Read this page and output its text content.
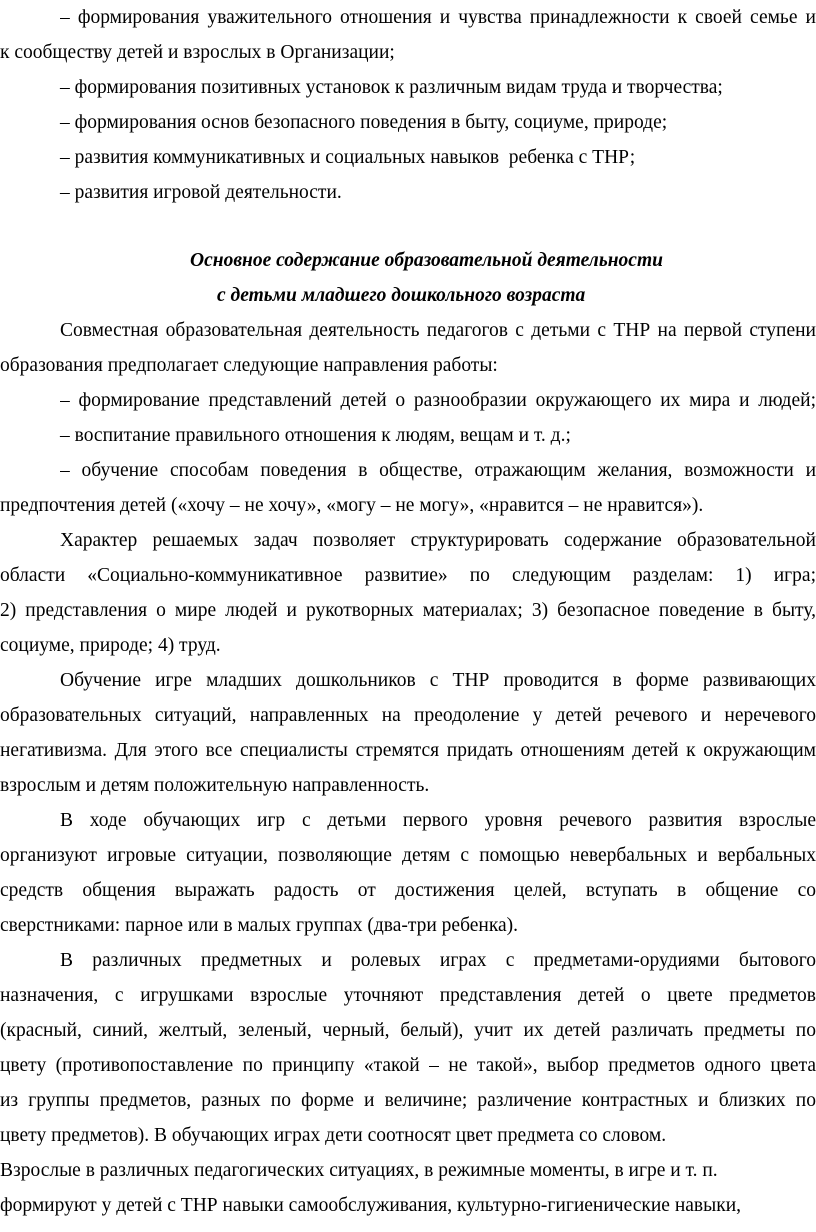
– формирования уважительного отношения и чувства принадлежности к своей семье и
к сообществу детей и взрослых в Организации;
– формирования позитивных установок к различным видам труда и творчества;
– формирования основ безопасного поведения в быту, социуме, природе;
– развития коммуникативных и социальных навыков  ребенка с ТНР;
– развития игровой деятельности.
Основное содержание образовательной деятельности
с детьми младшего дошкольного возраста
Совместная образовательная деятельность педагогов с детьми с ТНР на первой ступени
образования предполагает следующие направления работы:
– формирование представлений детей о разнообразии окружающего их мира и людей;
– воспитание правильного отношения к людям, вещам и т. д.;
– обучение способам поведения в обществе, отражающим желания, возможности и
предпочтения детей («хочу – не хочу», «могу – не могу», «нравится – не нравится»).
Характер решаемых задач позволяет структурировать содержание образовательной
области «Социально-коммуникативное развитие» по следующим разделам: 1) игра;
2) представления о мире людей и рукотворных материалах; 3) безопасное поведение в быту,
социуме, природе; 4) труд.
Обучение игре младших дошкольников с ТНР проводится в форме развивающих
образовательных ситуаций, направленных на преодоление у детей речевого и неречевого
негативизма. Для этого все специалисты стремятся придать отношениям детей к окружающим
взрослым и детям положительную направленность.
В ходе обучающих игр с детьми первого уровня речевого развития взрослые
организуют игровые ситуации, позволяющие детям с помощью невербальных и вербальных
средств общения выражать радость от достижения целей, вступать в общение со
сверстниками: парное или в малых группах (два-три ребенка).
В различных предметных и ролевых играх с предметами-орудиями бытового
назначения, с игрушками взрослые уточняют представления детей о цвете предметов
(красный, синий, желтый, зеленый, черный, белый), учит их детей различать предметы по
цвету (противопоставление по принципу «такой – не такой», выбор предметов одного цвета
из группы предметов, разных по форме и величине; различение контрастных и близких по
цвету предметов). В обучающих играх дети соотносят цвет предмета со словом.
Взрослые в различных педагогических ситуациях, в режимные моменты, в игре и т. п.
формируют у детей с ТНР навыки самообслуживания, культурно-гигиенические навыки,
